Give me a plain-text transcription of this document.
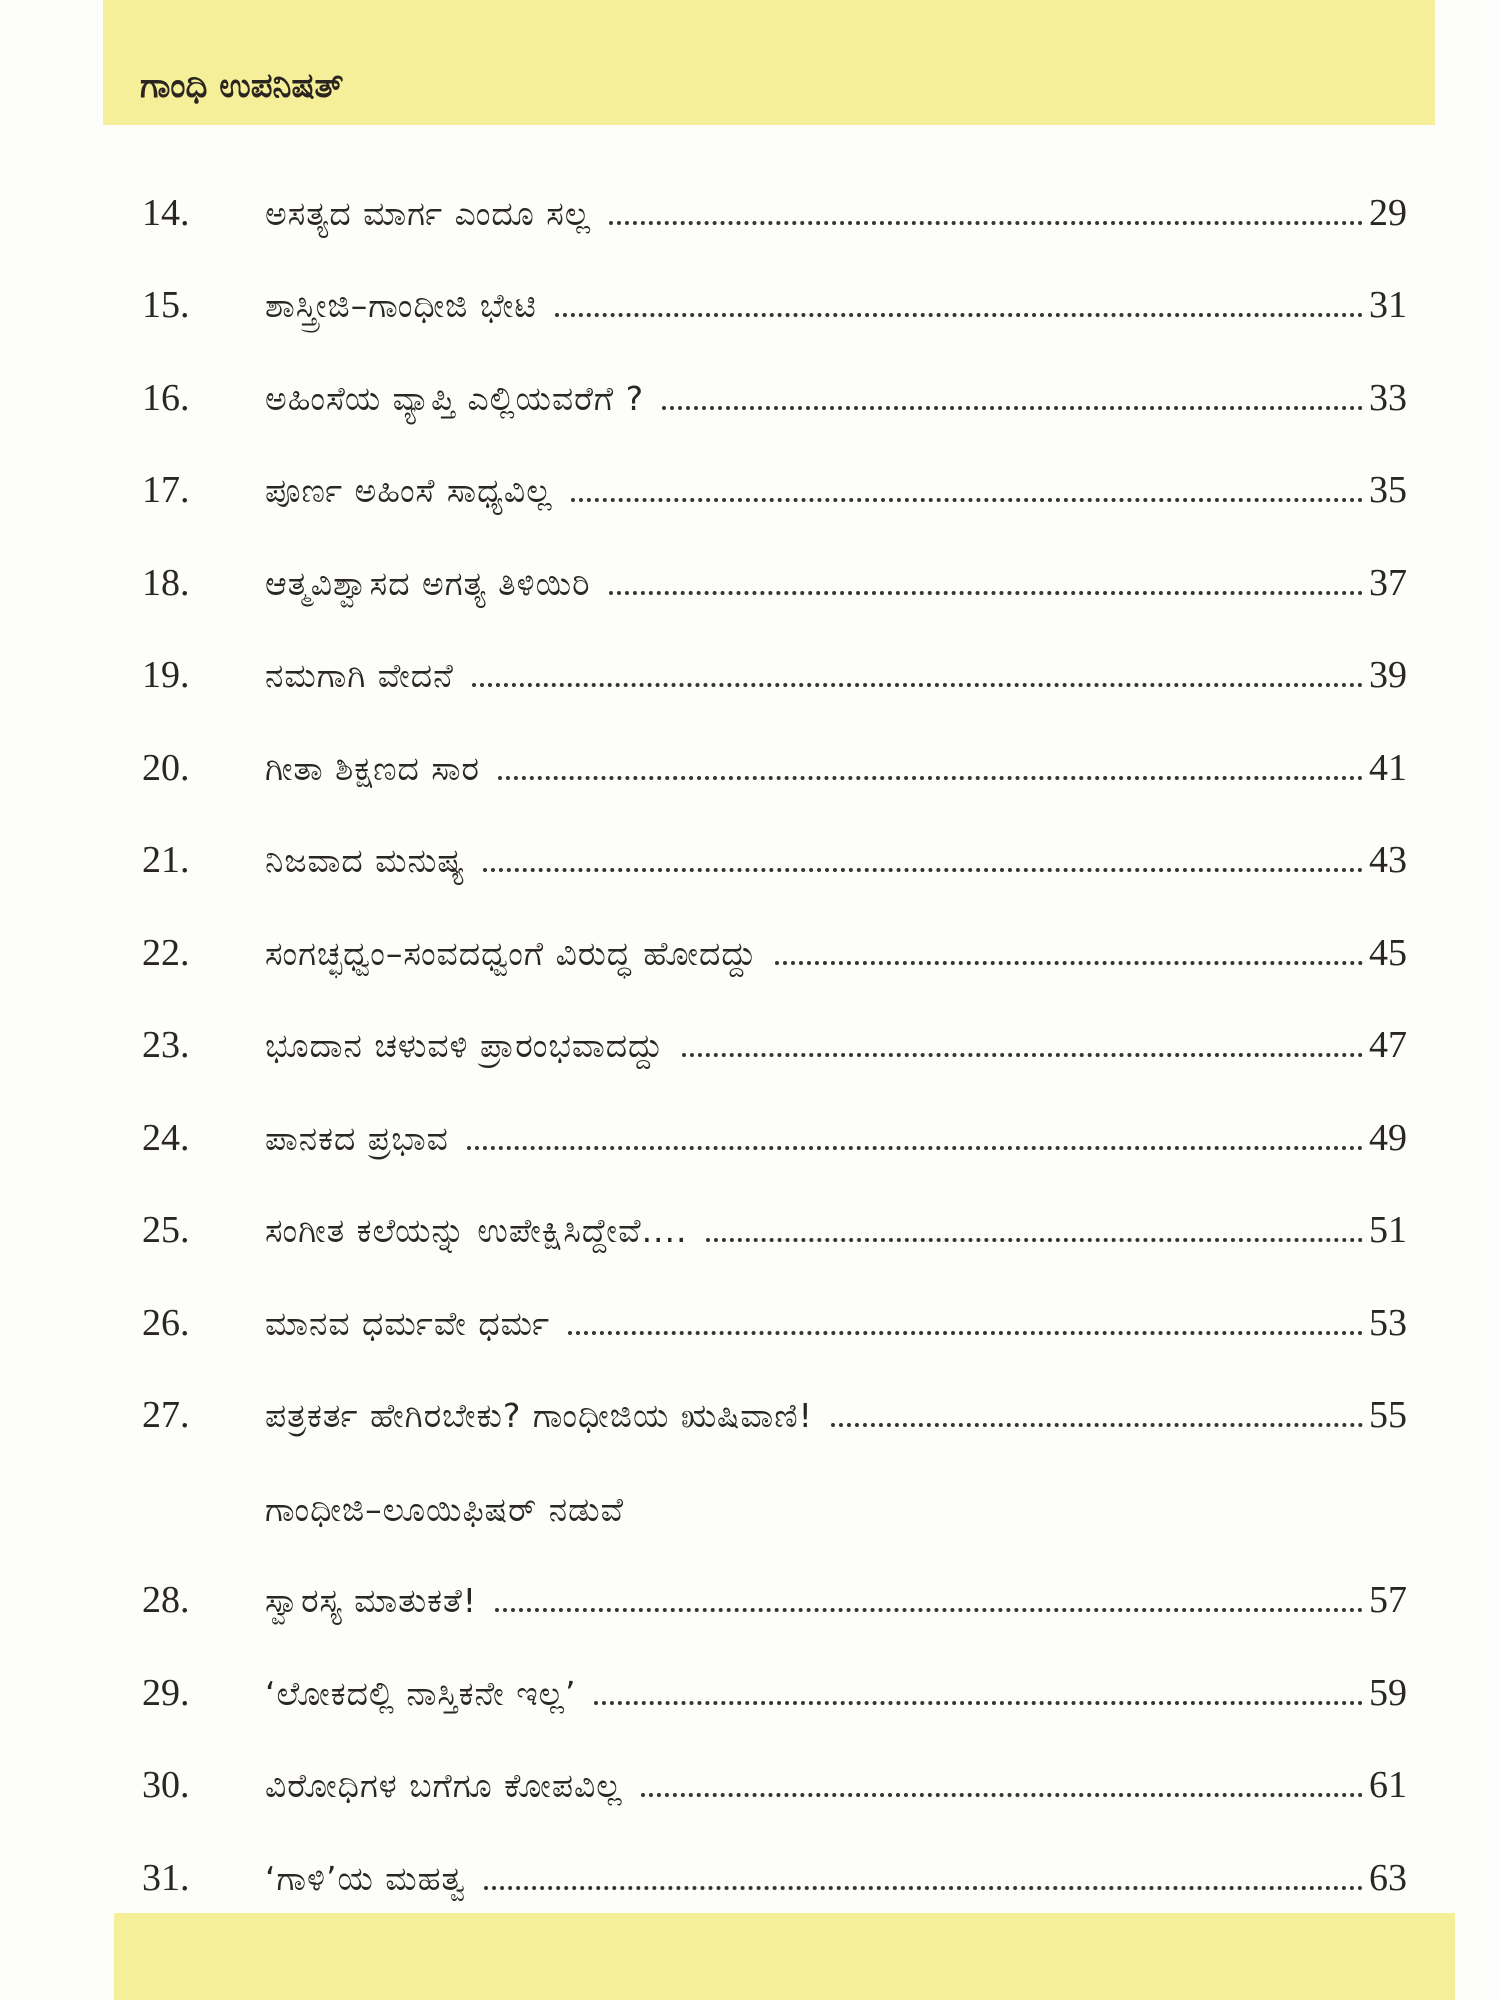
ಗಾಂಧಿ ಉಪನಿಷತ್
14.	ಅಸತ್ಯದ ಮಾರ್ಗ ಎಂದೂ ಸಲ್ಲ	29
15.	ಶಾಸ್ತ್ರೀಜಿ–ಗಾಂಧೀಜಿ ಭೇಟಿ	31
16.	ಅಹಿಂಸೆಯ ವ್ಯಾಪ್ತಿ ಎಲ್ಲಿಯವರೆಗೆ ?	33
17.	ಪೂರ್ಣ ಅಹಿಂಸೆ ಸಾಧ್ಯವಿಲ್ಲ	35
18.	ಆತ್ಮವಿಶ್ವಾಸದ ಅಗತ್ಯ ತಿಳಿಯಿರಿ	37
19.	ನಮಗಾಗಿ ವೇದನೆ	39
20.	ಗೀತಾ ಶಿಕ್ಷಣದ ಸಾರ	41
21.	ನಿಜವಾದ ಮನುಷ್ಯ	43
22.	ಸಂಗಚ್ಛಧ್ವಂ–ಸಂವದಧ್ವಂಗೆ ವಿರುದ್ಧ ಹೋದದ್ದು	45
23.	ಭೂದಾನ ಚಳುವಳಿ ಪ್ರಾರಂಭವಾದದ್ದು	47
24.	ಪಾನಕದ ಪ್ರಭಾವ	49
25.	ಸಂಗೀತ ಕಲೆಯನ್ನು ಉಪೇಕ್ಷಿಸಿದ್ದೇವೆ....	51
26.	ಮಾನವ ಧರ್ಮವೇ ಧರ್ಮ	53
27.	ಪತ್ರಕರ್ತ ಹೇಗಿರಬೇಕು? ಗಾಂಧೀಜಿಯ ಋಷಿವಾಣಿ!	55
28.
ಗಾಂಧೀಜಿ–ಲೂಯಿಫಿಷರ್ ನಡುವೆ
ಸ್ವಾರಸ್ಯ ಮಾತುಕತೆ!	57
29.	‘ಲೋಕದಲ್ಲಿ ನಾಸ್ತಿಕನೇ ಇಲ್ಲ’	59
30.	ವಿರೋಧಿಗಳ ಬಗೆಗೂ ಕೋಪವಿಲ್ಲ	61
31.	‘ಗಾಳಿ’ಯ ಮಹತ್ವ	63
